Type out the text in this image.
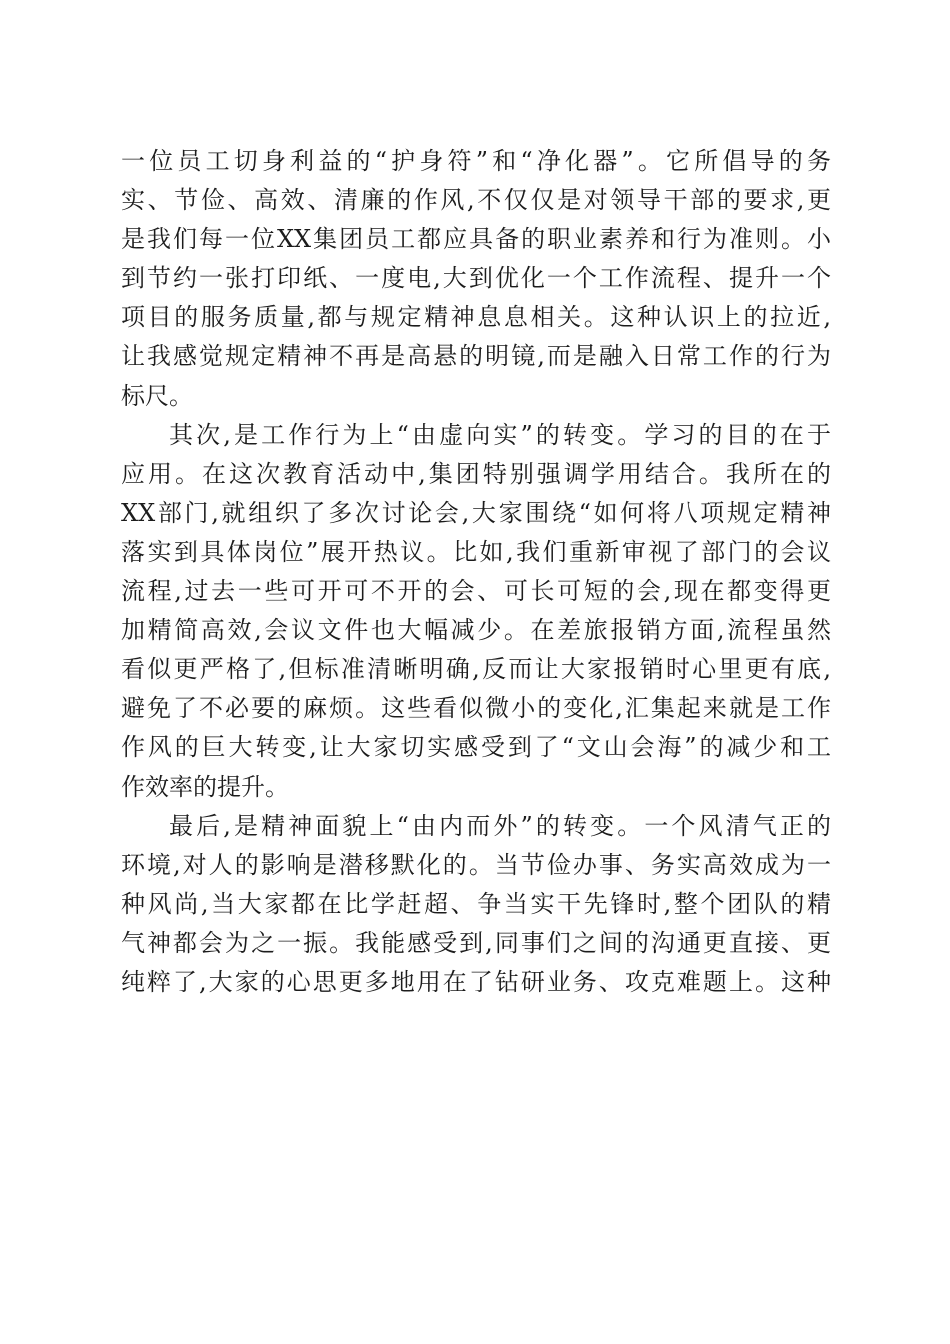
一位员工切身利益的“护身符”和“净化器”。它所倡导的务
实、节俭、高效、清廉的作风,不仅仅是对领导干部的要求,更
是我们每一位XX集团员工都应具备的职业素养和行为准则。小
到节约一张打印纸、一度电,大到优化一个工作流程、提升一个
项目的服务质量,都与规定精神息息相关。这种认识上的拉近,
让我感觉规定精神不再是高悬的明镜,而是融入日常工作的行为
标尺。
其次,是工作行为上“由虚向实”的转变。学习的目的在于
应用。在这次教育活动中,集团特别强调学用结合。我所在的
XX部门,就组织了多次讨论会,大家围绕“如何将八项规定精神
落实到具体岗位”展开热议。比如,我们重新审视了部门的会议
流程,过去一些可开可不开的会、可长可短的会,现在都变得更
加精简高效,会议文件也大幅减少。在差旅报销方面,流程虽然
看似更严格了,但标准清晰明确,反而让大家报销时心里更有底,
避免了不必要的麻烦。这些看似微小的变化,汇集起来就是工作
作风的巨大转变,让大家切实感受到了“文山会海”的减少和工
作效率的提升。
最后,是精神面貌上“由内而外”的转变。一个风清气正的
环境,对人的影响是潜移默化的。当节俭办事、务实高效成为一
种风尚,当大家都在比学赶超、争当实干先锋时,整个团队的精
气神都会为之一振。我能感受到,同事们之间的沟通更直接、更
纯粹了,大家的心思更多地用在了钻研业务、攻克难题上。这种
